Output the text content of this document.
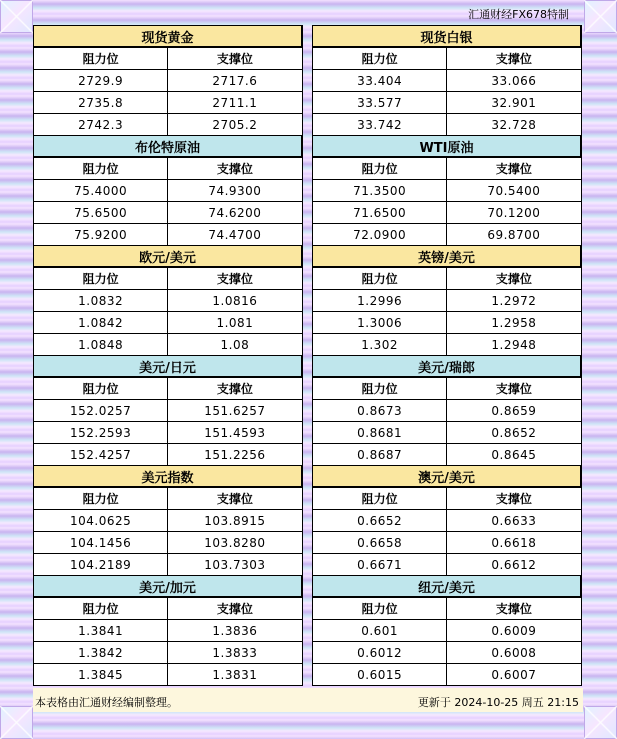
汇通财经FX678特制
现货黄金	
阻力位	支撑位
2729.9	2717.6
2735.8	2711.1
2742.3	2705.2
布伦特原油	
阻力位	支撑位
75.4000	74.9300
75.6500	74.6200
75.9200	74.4700
欧元/美元	
阻力位	支撑位
1.0832	1.0816
1.0842	1.081
1.0848	1.08
美元/日元	
阻力位	支撑位
152.0257	151.6257
152.2593	151.4593
152.4257	151.2256
美元指数	
阻力位	支撑位
104.0625	103.8915
104.1456	103.8280
104.2189	103.7303
美元/加元	
阻力位	支撑位
1.3841	1.3836
1.3842	1.3833
1.3845	1.3831
现货白银	
阻力位	支撑位
33.404	33.066
33.577	32.901
33.742	32.728
WTI原油	
阻力位	支撑位
71.3500	70.5400
71.6500	70.1200
72.0900	69.8700
英镑/美元	
阻力位	支撑位
1.2996	1.2972
1.3006	1.2958
1.302	1.2948
美元/瑞郎	
阻力位	支撑位
0.8673	0.8659
0.8681	0.8652
0.8687	0.8645
澳元/美元	
阻力位	支撑位
0.6652	0.6633
0.6658	0.6618
0.6671	0.6612
纽元/美元	
阻力位	支撑位
0.601	0.6009
0.6012	0.6008
0.6015	0.6007
本表格由汇通财经编制整理。	更新于 2024-10-25 周五 21:15
